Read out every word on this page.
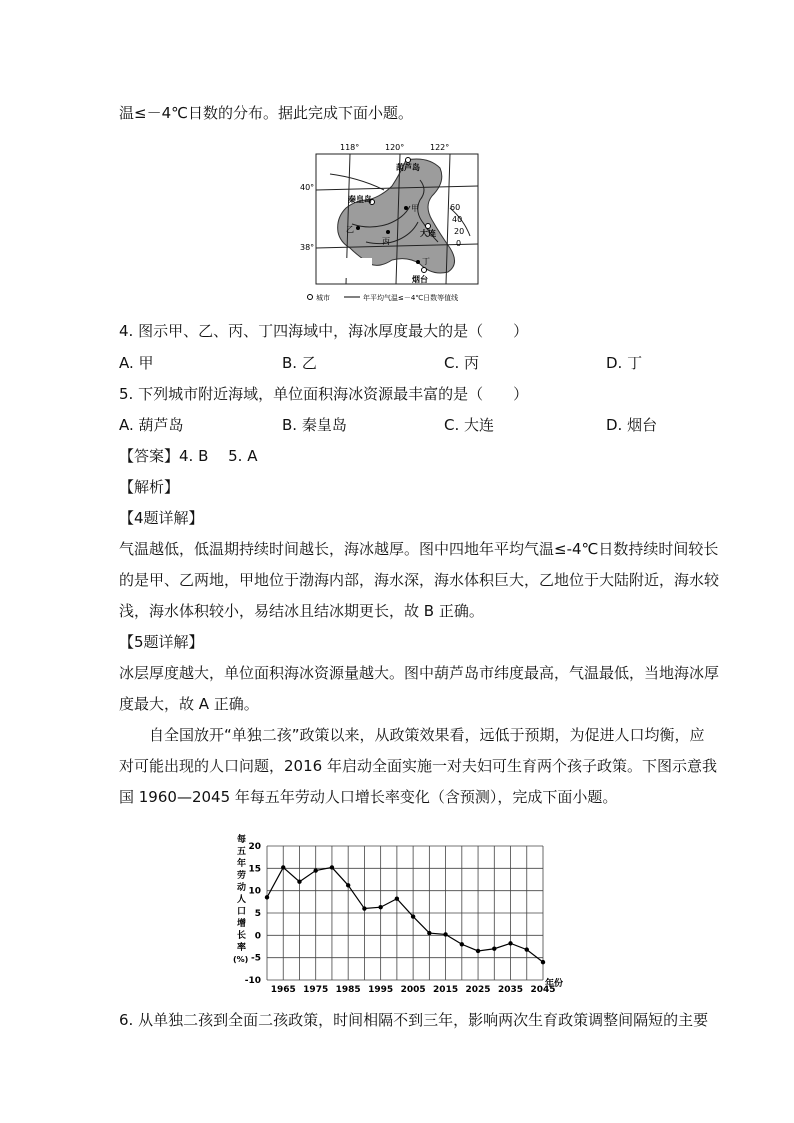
温≤－4℃日数的分布。据此完成下面小题。
118°	120°	122°
40°
38°
葫芦岛
秦皇岛
大连
烟台
甲
乙
丙
丁
60
40
20
0
城市	年平均气温≤－4℃日数等值线
4. 图示甲、乙、丙、丁四海域中，海冰厚度最大的是（　　）
A. 甲	B. 乙	C. 丙	D. 丁
5. 下列城市附近海域，单位面积海冰资源最丰富的是（　　）
A. 葫芦岛	B. 秦皇岛	C. 大连	D. 烟台
【答案】4. B　 5. A
【解析】
【4题详解】
气温越低，低温期持续时间越长，海冰越厚。图中四地年平均气温≤-4℃日数持续时间较长
的是甲、乙两地，甲地位于渤海内部，海水深，海水体积巨大，乙地位于大陆附近，海水较
浅，海水体积较小，易结冰且结冰期更长，故 B 正确。
【5题详解】
冰层厚度越大，单位面积海冰资源量越大。图中葫芦岛市纬度最高，气温最低，当地海冰厚
度最大，故 A 正确。
　　自全国放开“单独二孩”政策以来，从政策效果看，远低于预期，为促进人口均衡，应
对可能出现的人口问题，2016 年启动全面实施一对夫妇可生育两个孩子政策。下图示意我
国 1960—2045 年每五年劳动人口增长率变化（含预测），完成下面小题。
每
五
年
劳
动
人
口
增
长
率
(%)
20
15
10
5
0
-5
-10
1965 1975 1985 1995 2005 2015 2025 2035 2045
年份
6. 从单独二孩到全面二孩政策，时间相隔不到三年，影响两次生育政策调整间隔短的主要
